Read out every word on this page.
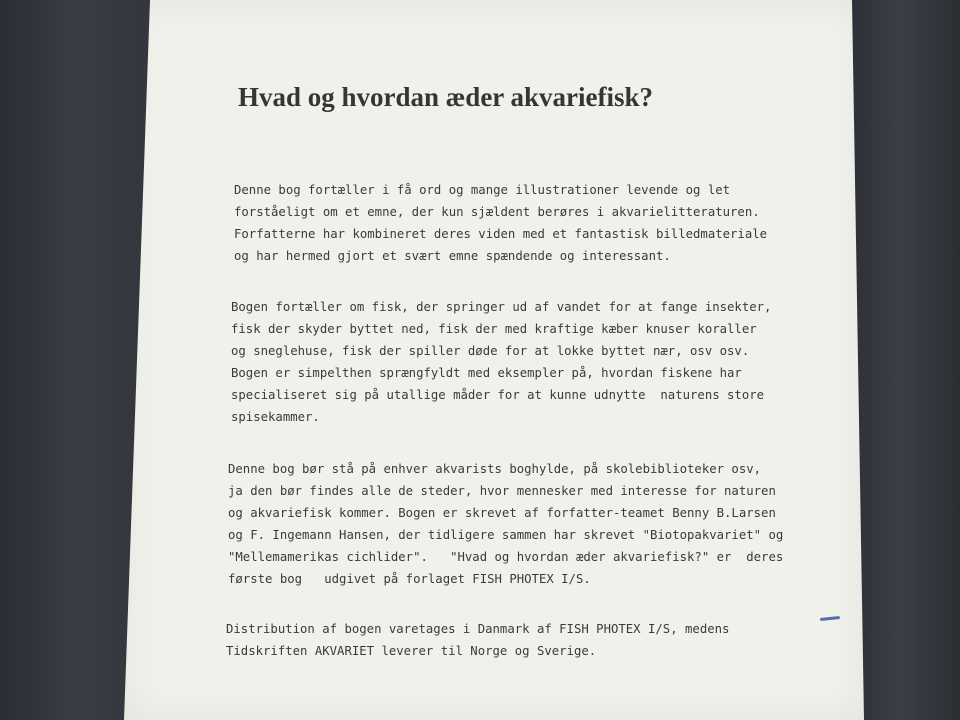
Hvad og hvordan æder akvariefisk?
Denne bog fortæller i få ord og mange illustrationer levende og let
forståeligt om et emne, der kun sjældent berøres i akvarielitteraturen.
Forfatterne har kombineret deres viden med et fantastisk billedmateriale
og har hermed gjort et svært emne spændende og interessant.
Bogen fortæller om fisk, der springer ud af vandet for at fange insekter,
fisk der skyder byttet ned, fisk der med kraftige kæber knuser koraller
og sneglehuse, fisk der spiller døde for at lokke byttet nær, osv osv.
Bogen er simpelthen sprængfyldt med eksempler på, hvordan fiskene har
specialiseret sig på utallige måder for at kunne udnytte  naturens store
spisekammer.
Denne bog bør stå på enhver akvarists boghylde, på skolebiblioteker osv,
ja den bør findes alle de steder, hvor mennesker med interesse for naturen
og akvariefisk kommer. Bogen er skrevet af forfatter-teamet Benny B.Larsen
og F. Ingemann Hansen, der tidligere sammen har skrevet "Biotopakvariet" og
"Mellemamerikas cichlider".   "Hvad og hvordan æder akvariefisk?" er  deres
første bog   udgivet på forlaget FISH PHOTEX I/S.
Distribution af bogen varetages i Danmark af FISH PHOTEX I/S, medens
Tidskriften AKVARIET leverer til Norge og Sverige.
